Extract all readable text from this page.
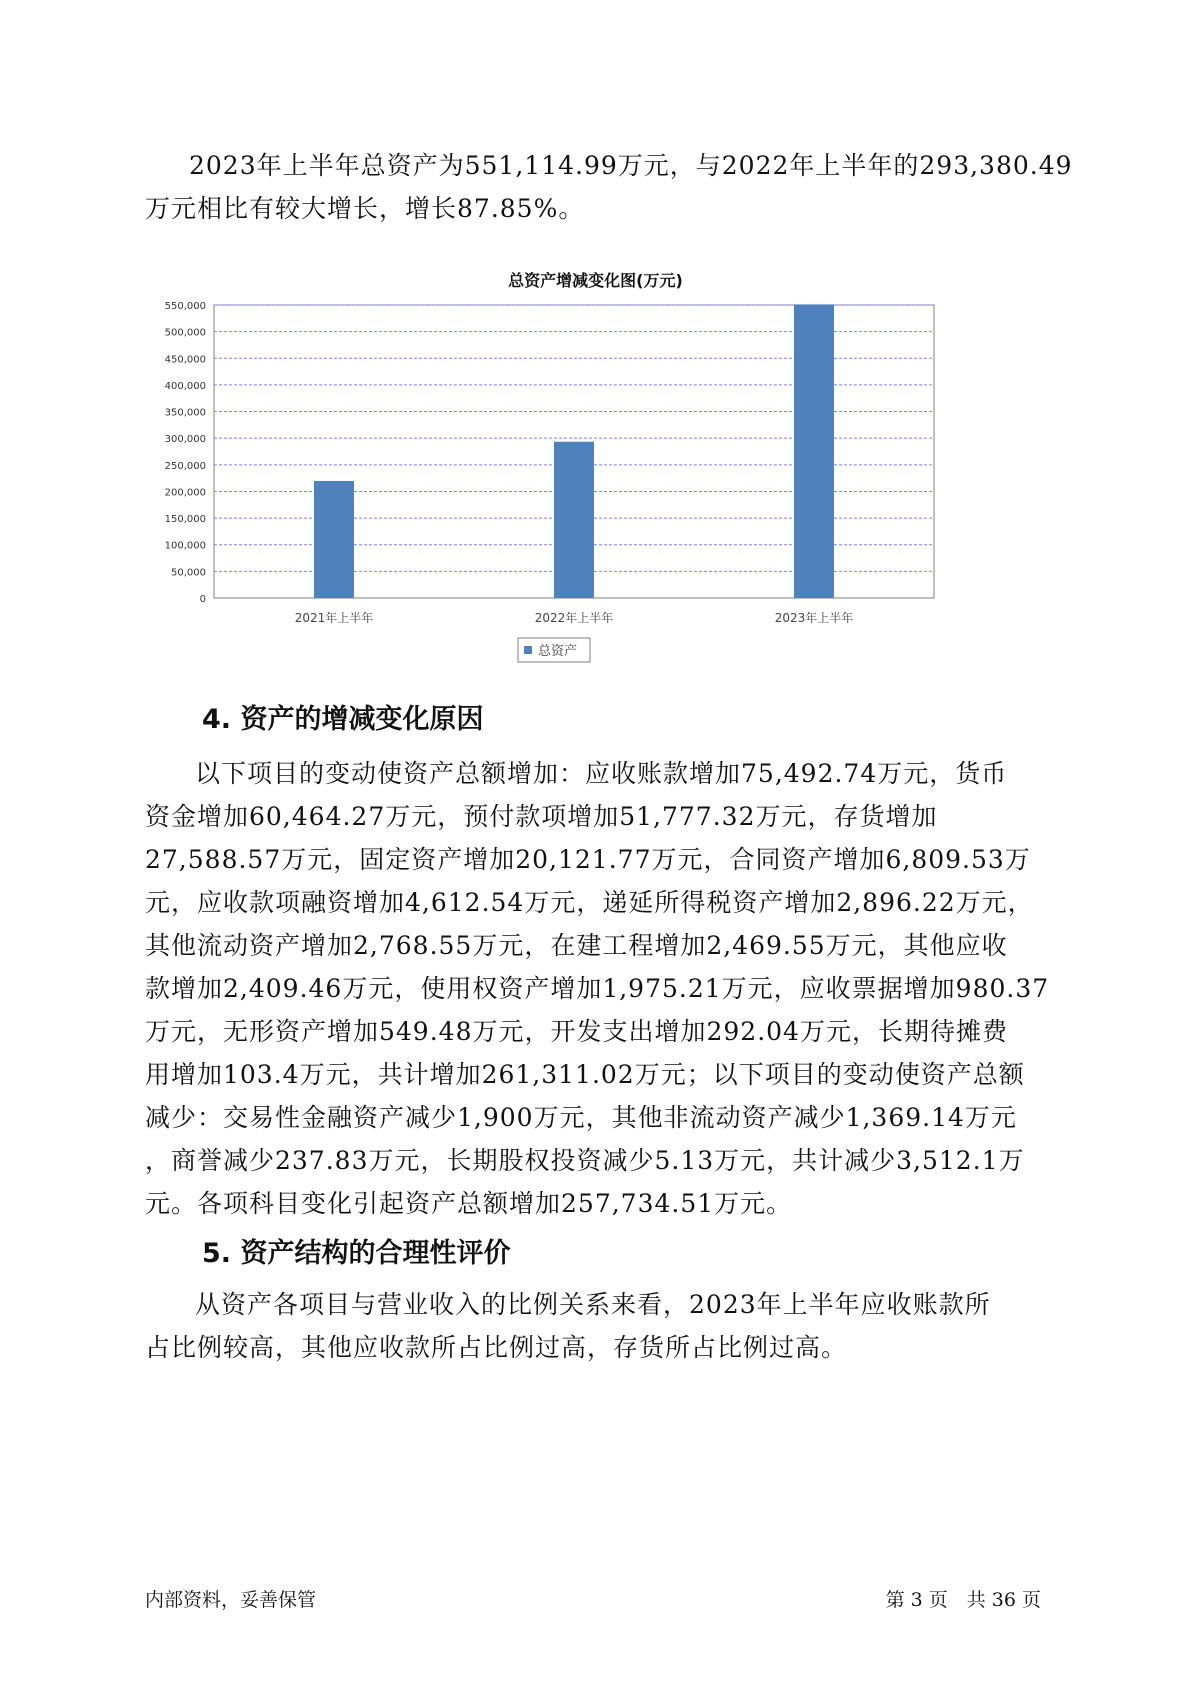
2023年上半年总资产为551,114.99万元，与2022年上半年的293,380.49
万元相比有较大增长，增长87.85%。
总资产增减变化图(万元)
0
50,000
100,000
150,000
200,000
250,000
300,000
350,000
400,000
450,000
500,000
550,000
2021年上半年	2022年上半年	2023年上半年
总资产
4. 资产的增减变化原因
以下项目的变动使资产总额增加：应收账款增加75,492.74万元，货币
资金增加60,464.27万元，预付款项增加51,777.32万元，存货增加
27,588.57万元，固定资产增加20,121.77万元，合同资产增加6,809.53万
元，应收款项融资增加4,612.54万元，递延所得税资产增加2,896.22万元，
其他流动资产增加2,768.55万元，在建工程增加2,469.55万元，其他应收
款增加2,409.46万元，使用权资产增加1,975.21万元，应收票据增加980.37
万元，无形资产增加549.48万元，开发支出增加292.04万元，长期待摊费
用增加103.4万元，共计增加261,311.02万元；以下项目的变动使资产总额
减少：交易性金融资产减少1,900万元，其他非流动资产减少1,369.14万元
，商誉减少237.83万元，长期股权投资减少5.13万元，共计减少3,512.1万
元。各项科目变化引起资产总额增加257,734.51万元。
5. 资产结构的合理性评价
从资产各项目与营业收入的比例关系来看，2023年上半年应收账款所
占比例较高，其他应收款所占比例过高，存货所占比例过高。
内部资料，妥善保管	第 3 页　共 36 页
